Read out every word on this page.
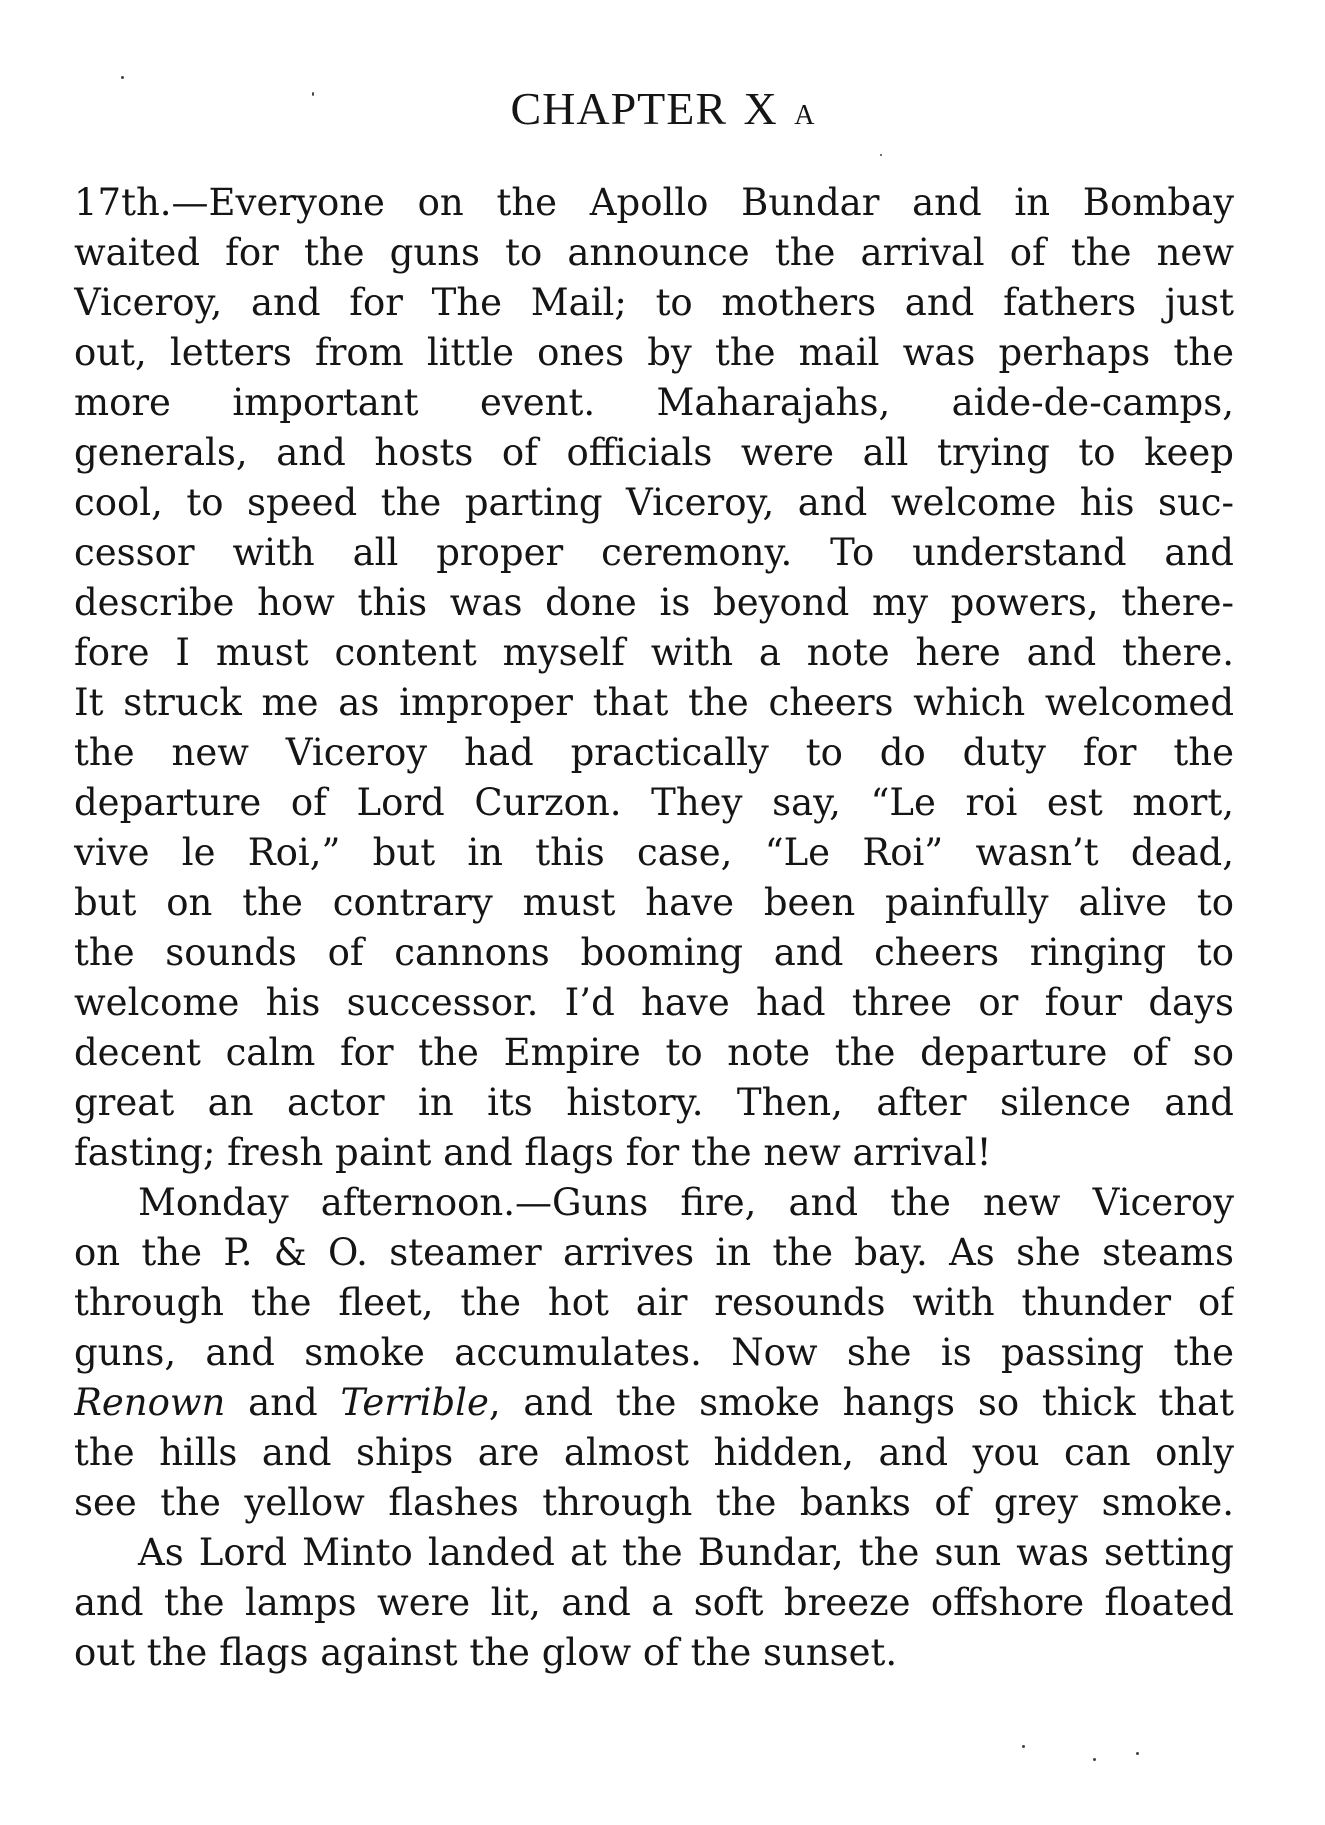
CHAPTER X A
17th.—Everyone on the Apollo Bundar and in Bombay
waited for the guns to announce the arrival of the new
Viceroy, and for The Mail; to mothers and fathers just
out, letters from little ones by the mail was perhaps the
more important event. Maharajahs, aide-de-camps,
generals, and hosts of officials were all trying to keep
cool, to speed the parting Viceroy, and welcome his suc-
cessor with all proper ceremony. To understand and
describe how this was done is beyond my powers, there-
fore I must content myself with a note here and there.
It struck me as improper that the cheers which welcomed
the new Viceroy had practically to do duty for the
departure of Lord Curzon. They say, “Le roi est mort,
vive le Roi,” but in this case, “Le Roi” wasn’t dead,
but on the contrary must have been painfully alive to
the sounds of cannons booming and cheers ringing to
welcome his successor. I’d have had three or four days
decent calm for the Empire to note the departure of so
great an actor in its history. Then, after silence and
fasting; fresh paint and flags for the new arrival!
Monday afternoon.—Guns fire, and the new Viceroy
on the P. & O. steamer arrives in the bay. As she steams
through the fleet, the hot air resounds with thunder of
guns, and smoke accumulates. Now she is passing the
Renown and Terrible, and the smoke hangs so thick that
the hills and ships are almost hidden, and you can only
see the yellow flashes through the banks of grey smoke.
As Lord Minto landed at the Bundar, the sun was setting
and the lamps were lit, and a soft breeze offshore floated
out the flags against the glow of the sunset.
